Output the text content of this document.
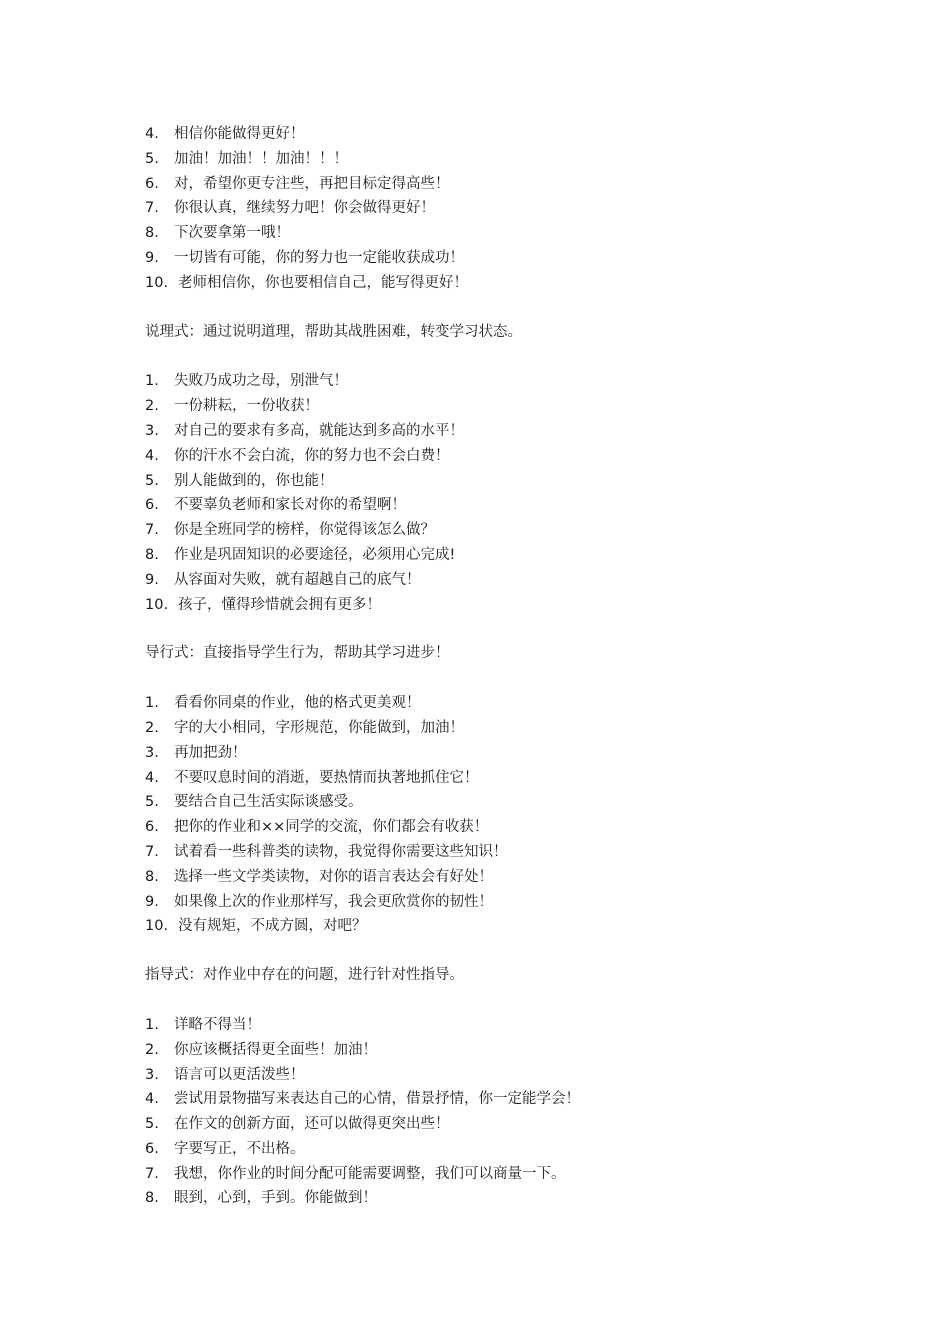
4.	相信你能做得更好！
5.	加油！加油！！加油！！！
6.	对，希望你更专注些，再把目标定得高些！
7.	你很认真，继续努力吧！你会做得更好！
8.	下次要拿第一哦！
9.	一切皆有可能，你的努力也一定能收获成功！
10. 老师相信你，你也要相信自己，能写得更好！
说理式：通过说明道理，帮助其战胜困难，转变学习状态。
1.	失败乃成功之母，别泄气！
2.	一份耕耘，一份收获！
3.	对自己的要求有多高，就能达到多高的水平！
4.	你的汗水不会白流，你的努力也不会白费！
5.	别人能做到的，你也能！
6.	不要辜负老师和家长对你的希望啊！
7.	你是全班同学的榜样，你觉得该怎么做？
8.	作业是巩固知识的必要途径，必须用心完成!
9.	从容面对失败，就有超越自己的底气！
10. 孩子，懂得珍惜就会拥有更多！
导行式：直接指导学生行为，帮助其学习进步！
1.	看看你同桌的作业，他的格式更美观！
2.	字的大小相同，字形规范，你能做到，加油！
3.	再加把劲！
4.	不要叹息时间的消逝，要热情而执著地抓住它！
5.	要结合自己生活实际谈感受。
6.	把你的作业和××同学的交流，你们都会有收获！
7.	试着看一些科普类的读物，我觉得你需要这些知识！
8.	选择一些文学类读物，对你的语言表达会有好处！
9.	如果像上次的作业那样写，我会更欣赏你的韧性！
10. 没有规矩，不成方圆，对吧？
指导式：对作业中存在的问题，进行针对性指导。
1.	详略不得当！
2.	你应该概括得更全面些！加油！
3.	语言可以更活泼些！
4.	尝试用景物描写来表达自己的心情，借景抒情，你一定能学会！
5.	在作文的创新方面，还可以做得更突出些！
6.	字要写正，不出格。
7.	我想，你作业的时间分配可能需要调整，我们可以商量一下。
8.	眼到，心到，手到。你能做到！
